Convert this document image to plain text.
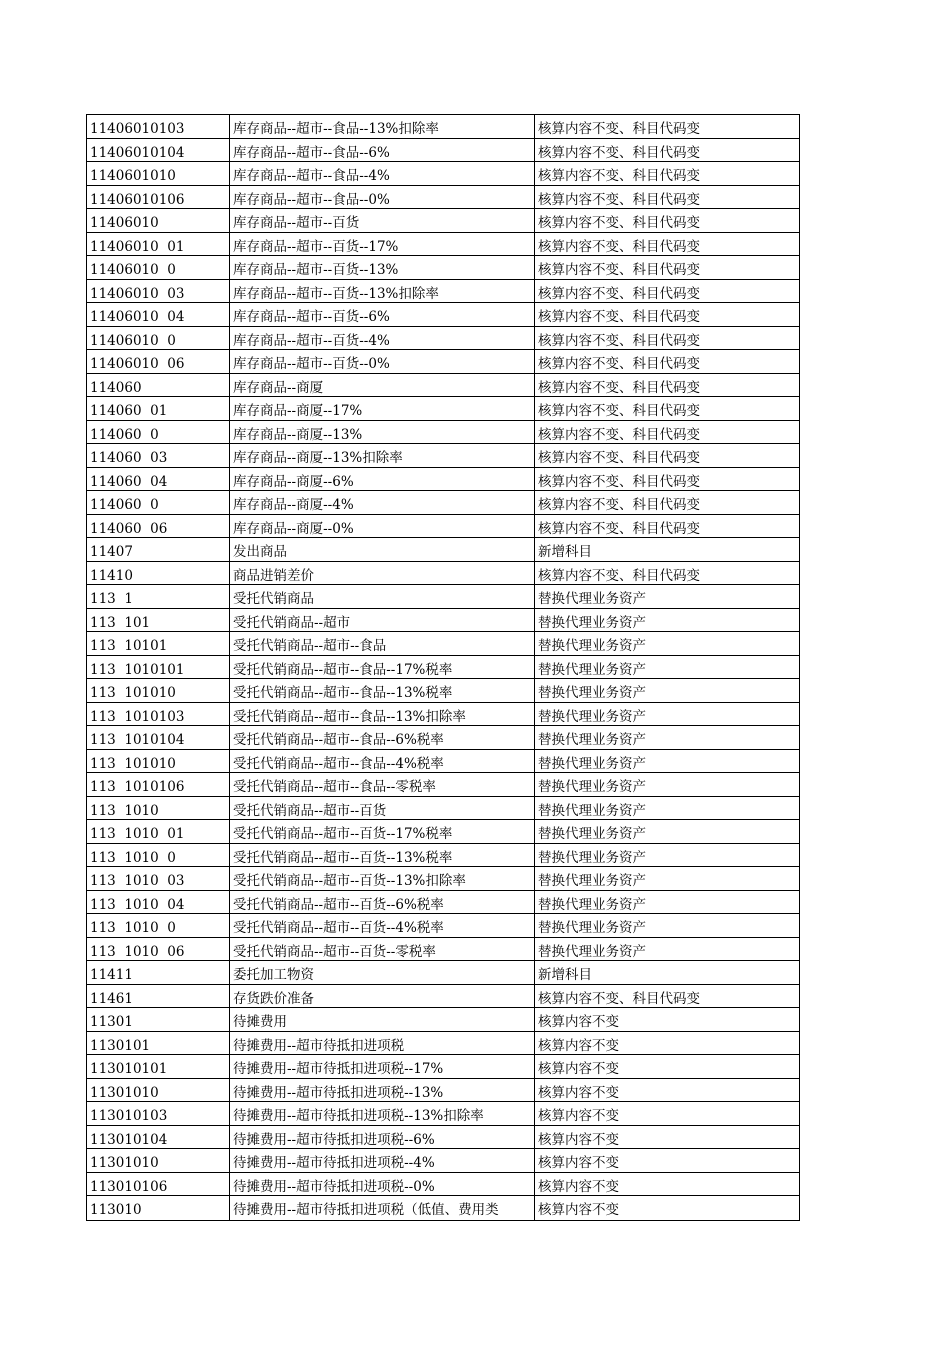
11406010103	库存商品--超市--食品--13%扣除率	核算内容不变、科目代码变
11406010104	库存商品--超市--食品--6%	核算内容不变、科目代码变
1140601010	库存商品--超市--食品--4%	核算内容不变、科目代码变
11406010106	库存商品--超市--食品--0%	核算内容不变、科目代码变
11406010	库存商品--超市--百货	核算内容不变、科目代码变
11406010  01	库存商品--超市--百货--17%	核算内容不变、科目代码变
11406010  0	库存商品--超市--百货--13%	核算内容不变、科目代码变
11406010  03	库存商品--超市--百货--13%扣除率	核算内容不变、科目代码变
11406010  04	库存商品--超市--百货--6%	核算内容不变、科目代码变
11406010  0	库存商品--超市--百货--4%	核算内容不变、科目代码变
11406010  06	库存商品--超市--百货--0%	核算内容不变、科目代码变
114060	库存商品--商厦	核算内容不变、科目代码变
114060  01	库存商品--商厦--17%	核算内容不变、科目代码变
114060  0	库存商品--商厦--13%	核算内容不变、科目代码变
114060  03	库存商品--商厦--13%扣除率	核算内容不变、科目代码变
114060  04	库存商品--商厦--6%	核算内容不变、科目代码变
114060  0	库存商品--商厦--4%	核算内容不变、科目代码变
114060  06	库存商品--商厦--0%	核算内容不变、科目代码变
11407	发出商品	新增科目
11410	商品进销差价	核算内容不变、科目代码变
113  1	受托代销商品	替换代理业务资产
113  101	受托代销商品--超市	替换代理业务资产
113  10101	受托代销商品--超市--食品	替换代理业务资产
113  1010101	受托代销商品--超市--食品--17%税率	替换代理业务资产
113  101010	受托代销商品--超市--食品--13%税率	替换代理业务资产
113  1010103	受托代销商品--超市--食品--13%扣除率	替换代理业务资产
113  1010104	受托代销商品--超市--食品--6%税率	替换代理业务资产
113  101010	受托代销商品--超市--食品--4%税率	替换代理业务资产
113  1010106	受托代销商品--超市--食品--零税率	替换代理业务资产
113  1010	受托代销商品--超市--百货	替换代理业务资产
113  1010  01	受托代销商品--超市--百货--17%税率	替换代理业务资产
113  1010  0	受托代销商品--超市--百货--13%税率	替换代理业务资产
113  1010  03	受托代销商品--超市--百货--13%扣除率	替换代理业务资产
113  1010  04	受托代销商品--超市--百货--6%税率	替换代理业务资产
113  1010  0	受托代销商品--超市--百货--4%税率	替换代理业务资产
113  1010  06	受托代销商品--超市--百货--零税率	替换代理业务资产
11411	委托加工物资	新增科目
11461	存货跌价准备	核算内容不变、科目代码变
11301	待摊费用	核算内容不变
1130101	待摊费用--超市待抵扣进项税	核算内容不变
113010101	待摊费用--超市待抵扣进项税--17%	核算内容不变
11301010	待摊费用--超市待抵扣进项税--13%	核算内容不变
113010103	待摊费用--超市待抵扣进项税--13%扣除率	核算内容不变
113010104	待摊费用--超市待抵扣进项税--6%	核算内容不变
11301010	待摊费用--超市待抵扣进项税--4%	核算内容不变
113010106	待摊费用--超市待抵扣进项税--0%	核算内容不变
113010	待摊费用--超市待抵扣进项税（低值、费用类	核算内容不变
